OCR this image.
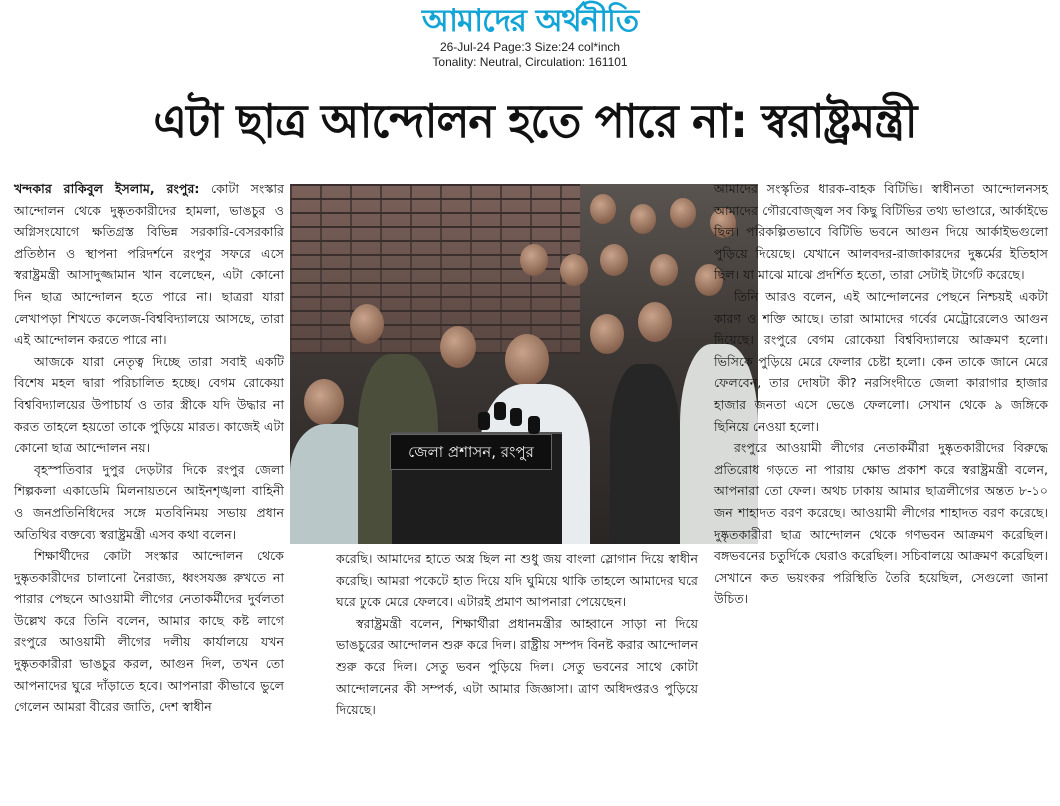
আমাদের অর্থনীতি
26-Jul-24 Page:3 Size:24 col*inch
Tonality: Neutral, Circulation: 161101
এটা ছাত্র আন্দোলন হতে পারে না: স্বরাষ্ট্রমন্ত্রী

খন্দকার রাকিবুল ইসলাম, রংপুর: কোটা সংস্কার আন্দোলন থেকে দুষ্কৃতকারীদের হামলা, ভাঙচুর ও অগ্নিসংযোগে ক্ষতিগ্রস্ত বিভিন্ন সরকারি-বেসরকারি প্রতিষ্ঠান ও স্থাপনা পরিদর্শনে রংপুর সফরে এসে স্বরাষ্ট্রমন্ত্রী আসাদুজ্জামান খান বলেছেন, এটা কোনো দিন ছাত্র আন্দোলন হতে পারে না। ছাত্ররা যারা লেখাপড়া শিখতে কলেজ-বিশ্ববিদ্যালয়ে আসছে, তারা এই আন্দোলন করতে পারে না।

আজকে যারা নেতৃত্ব দিচ্ছে তারা সবাই একটি বিশেষ মহল দ্বারা পরিচালিত হচ্ছে। বেগম রোকেয়া বিশ্ববিদ্যালয়ের উপাচার্য ও তার স্ত্রীকে যদি উদ্ধার না করত তাহলে হয়তো তাকে পুড়িয়ে মারত। কাজেই এটা কোনো ছাত্র আন্দোলন নয়।

বৃহস্পতিবার দুপুর দেড়টার দিকে রংপুর জেলা শিল্পকলা একাডেমি মিলনায়তনে আইনশৃঙ্খলা বাহিনী ও জনপ্রতিনিধিদের সঙ্গে মতবিনিময় সভায় প্রধান অতিথির বক্তব্যে স্বরাষ্ট্রমন্ত্রী এসব কথা বলেন।

শিক্ষার্থীদের কোটা সংস্কার আন্দোলন থেকে দুষ্কৃতকারীদের চালানো নৈরাজ্য, ধ্বংসযজ্ঞ রুখতে না পারার পেছনে আওয়ামী লীগের নেতাকর্মীদের দুর্বলতা উল্লেখ করে তিনি বলেন, আমার কাছে কষ্ট লাগে রংপুরে আওয়ামী লীগের দলীয় কার্যালয়ে যখন দুষ্কৃতকারীরা ভাঙচুর করল, আগুন দিল, তখন তো আপনাদের ঘুরে দাঁড়াতে হবে। আপনারা কীভাবে ভুলে গেলেন আমরা বীরের জাতি, দেশ স্বাধীন

জেলা প্রশাসন, রংপুর

করেছি। আমাদের হাতে অস্ত্র ছিল না শুধু জয় বাংলা স্লোগান দিয়ে স্বাধীন করেছি। আমরা পকেটে হাত দিয়ে যদি ঘুমিয়ে থাকি তাহলে আমাদের ঘরে ঘরে ঢুকে মেরে ফেলবে। এটারই প্রমাণ আপনারা পেয়েছেন।

স্বরাষ্ট্রমন্ত্রী বলেন, শিক্ষার্থীরা প্রধানমন্ত্রীর আহ্বানে সাড়া না দিয়ে ভাঙচুরের আন্দোলন শুরু করে দিল। রাষ্ট্রীয় সম্পদ বিনষ্ট করার আন্দোলন শুরু করে দিল। সেতু ভবন পুড়িয়ে দিল। সেতু ভবনের সাথে কোটা আন্দোলনের কী সম্পর্ক, এটা আমার জিজ্ঞাসা। ত্রাণ অধিদপ্তরও পুড়িয়ে দিয়েছে।

আমাদের সংস্কৃতির ধারক-বাহক বিটিভি। স্বাধীনতা আন্দোলনসহ আমাদের গৌরবোজ্জ্বল সব কিছু বিটিভির তথ্য ভাণ্ডারে, আর্কাইভে ছিল। পরিকল্পিতভাবে বিটিভি ভবনে আগুন দিয়ে আর্কাইভগুলো পুড়িয়ে দিয়েছে। যেখানে আলবদর-রাজাকারদের দুষ্কর্মের ইতিহাস ছিল। যা মাঝে মাঝে প্রদর্শিত হতো, তারা সেটাই টার্গেট করেছে।

তিনি আরও বলেন, এই আন্দোলনের পেছনে নিশ্চয়ই একটা কারণ ও শক্তি আছে। তারা আমাদের গর্বের মেট্রোরেলেও আগুন দিয়েছে। রংপুরে বেগম রোকেয়া বিশ্ববিদ্যালয়ে আক্রমণ হলো। ভিসিকে পুড়িয়ে মেরে ফেলার চেষ্টা হলো। কেন তাকে জানে মেরে ফেলবেন, তার দোষটা কী? নরসিংদীতে জেলা কারাগার হাজার হাজার জনতা এসে ভেঙে ফেললো। সেখান থেকে ৯ জঙ্গিকে ছিনিয়ে নেওয়া হলো।

রংপুরে আওয়ামী লীগের নেতাকর্মীরা দুষ্কৃতকারীদের বিরুদ্ধে প্রতিরোধ গড়তে না পারায় ক্ষোভ প্রকাশ করে স্বরাষ্ট্রমন্ত্রী বলেন, আপনারা তো ফেল। অথচ ঢাকায় আমার ছাত্রলীগের অন্তত ৮-১০ জন শাহাদত বরণ করেছে। আওয়ামী লীগের শাহাদত বরণ করেছে। দুষ্কৃতকারীরা ছাত্র আন্দোলন থেকে গণভবন আক্রমণ করেছিল। বঙ্গভবনের চতুর্দিকে ঘেরাও করেছিল। সচিবালয়ে আক্রমণ করেছিল। সেখানে কত ভয়ংকর পরিস্থিতি তৈরি হয়েছিল, সেগুলো জানা উচিত।
